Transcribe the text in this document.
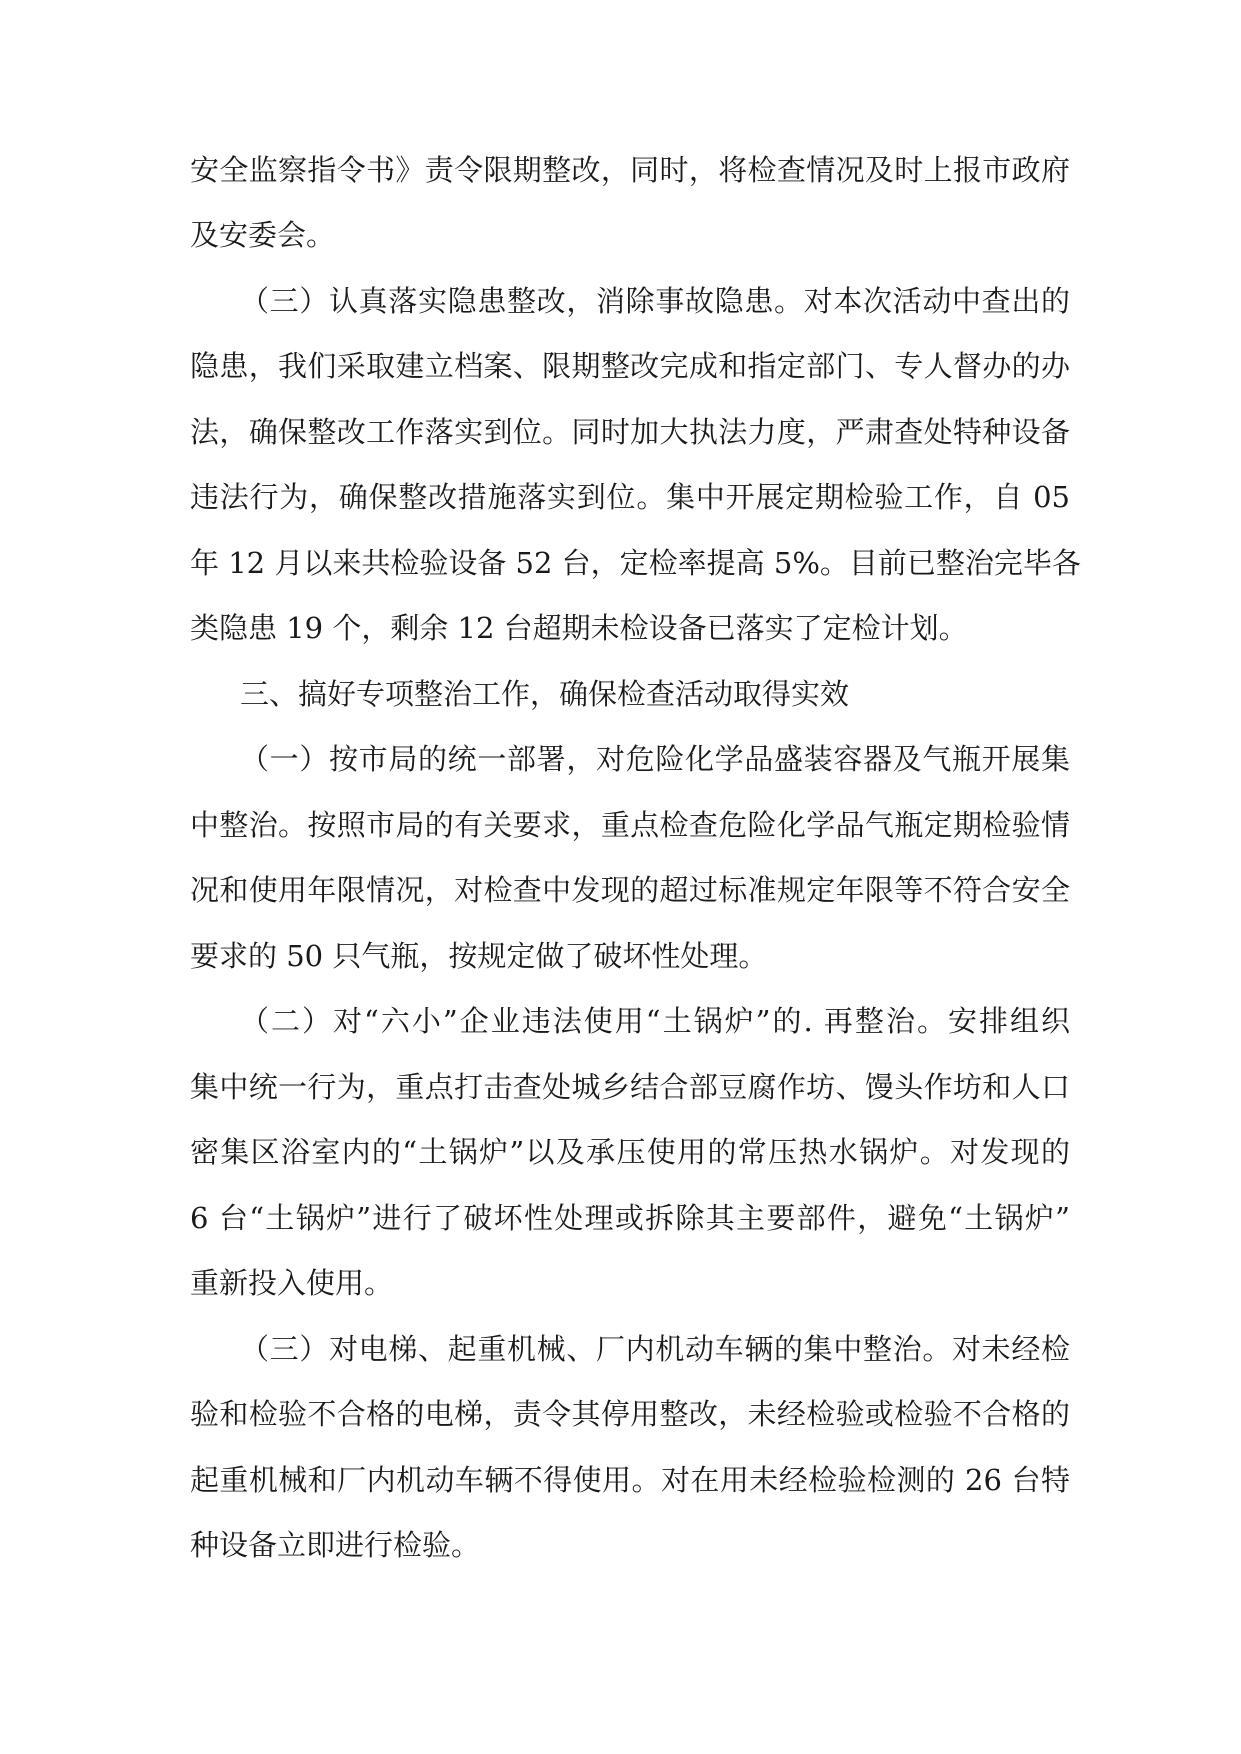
安全监察指令书》责令限期整改，同时，将检查情况及时上报市政府
及安委会。
（三）认真落实隐患整改，消除事故隐患。对本次活动中查出的
隐患，我们采取建立档案、限期整改完成和指定部门、专人督办的办
法，确保整改工作落实到位。同时加大执法力度，严肃查处特种设备
违法行为，确保整改措施落实到位。集中开展定期检验工作，自 05
年 12 月以来共检验设备 52 台，定检率提高 5%。目前已整治完毕各
类隐患 19 个，剩余 12 台超期未检设备已落实了定检计划。
三、搞好专项整治工作，确保检查活动取得实效
（一）按市局的统一部署，对危险化学品盛装容器及气瓶开展集
中整治。按照市局的有关要求，重点检查危险化学品气瓶定期检验情
况和使用年限情况，对检查中发现的超过标准规定年限等不符合安全
要求的 50 只气瓶，按规定做了破坏性处理。
（二）对“六小”企业违法使用“土锅炉”的. 再整治。安排组织
集中统一行为，重点打击查处城乡结合部豆腐作坊、馒头作坊和人口
密集区浴室内的“土锅炉”以及承压使用的常压热水锅炉。对发现的
6 台“土锅炉”进行了破坏性处理或拆除其主要部件，避免“土锅炉”
重新投入使用。
（三）对电梯、起重机械、厂内机动车辆的集中整治。对未经检
验和检验不合格的电梯，责令其停用整改，未经检验或检验不合格的
起重机械和厂内机动车辆不得使用。对在用未经检验检测的 26 台特
种设备立即进行检验。
